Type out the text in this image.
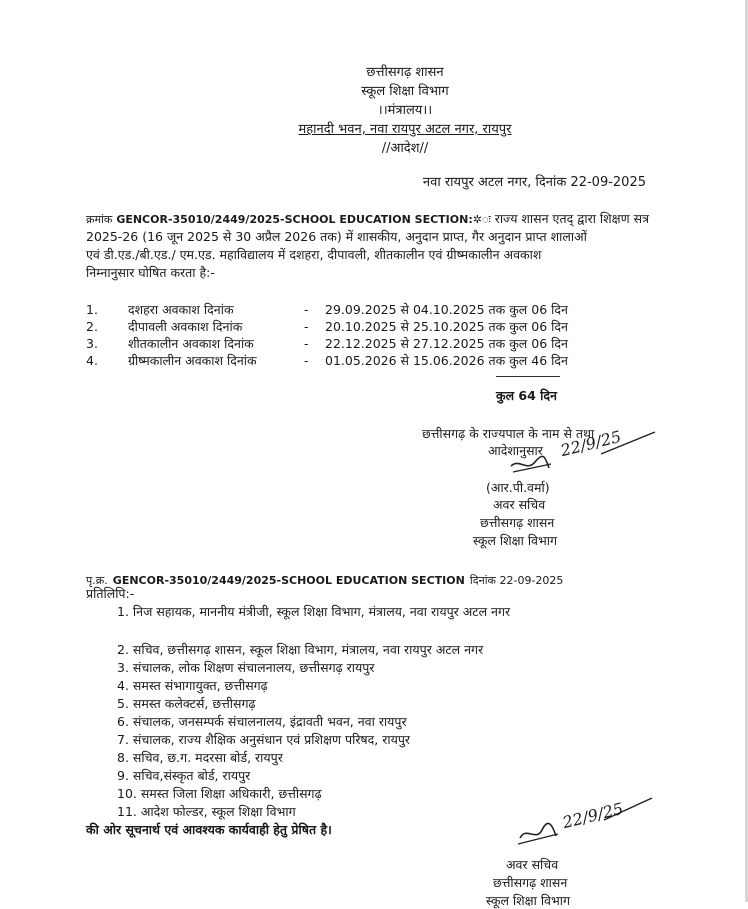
छत्तीसगढ़ शासन
स्कूल शिक्षा विभाग
।।मंत्रालय।।
महानदी भवन, नवा रायपुर अटल नगर, रायपुर
//आदेश//
नवा रायपुर अटल नगर, दिनांक 22-09-2025
क्रमांक GENCOR-35010/2449/2025-SCHOOL EDUCATION SECTION:✲ः राज्य शासन एतद् द्वारा शिक्षण सत्र
2025-26 (16 जून 2025 से 30 अप्रैल 2026 तक) में शासकीय, अनुदान प्राप्त, गैर अनुदान प्राप्त शालाओं
एवं डी.एड./बी.एड./ एम.एड. महाविद्यालय में दशहरा, दीपावली, शीतकालीन एवं ग्रीष्मकालीन अवकाश
निम्नानुसार घोषित करता है:-
1. दशहरा अवकाश दिनांक	- 29.09.2025 से 04.10.2025 तक कुल 06 दिन
2. दीपावली अवकाश दिनांक	- 20.10.2025 से 25.10.2025 तक कुल 06 दिन
3. शीतकालीन अवकाश दिनांक	- 22.12.2025 से 27.12.2025 तक कुल 06 दिन
4. ग्रीष्मकालीन अवकाश दिनांक	- 01.05.2026 से 15.06.2026 तक कुल 46 दिन
कुल 64 दिन
छत्तीसगढ़ के राज्यपाल के नाम से तथा
आदेशानुसार 22/9/25
(आर.पी.वर्मा)
अवर सचिव
छत्तीसगढ़ शासन
स्कूल शिक्षा विभाग
पृ.क्र. GENCOR-35010/2449/2025-SCHOOL EDUCATION SECTION दिनांक 22-09-2025
प्रतिलिपि:-
1. निज सहायक, माननीय मंत्रीजी, स्कूल शिक्षा विभाग, मंत्रालय, नवा रायपुर अटल नगर
2. सचिव, छत्तीसगढ़ शासन, स्कूल शिक्षा विभाग, मंत्रालय, नवा रायपुर अटल नगर
3. संचालक, लोक शिक्षण संचालनालय, छत्तीसगढ़ रायपुर
4. समस्त संभागायुक्त, छत्तीसगढ़
5. समस्त कलेक्टर्स, छत्तीसगढ़
6. संचालक, जनसम्पर्क संचालनालय, इंद्रावती भवन, नवा रायपुर
7. संचालक, राज्य शैक्षिक अनुसंधान एवं प्रशिक्षण परिषद, रायपुर
8. सचिव, छ.ग. मदरसा बोर्ड, रायपुर
9. सचिव,संस्कृत बोर्ड, रायपुर
10. समस्त जिला शिक्षा अधिकारी, छत्तीसगढ़
11. आदेश फोल्डर, स्कूल शिक्षा विभाग
की ओर सूचनार्थ एवं आवश्यक कार्यवाही हेतु प्रेषित है।	22/9/25
अवर सचिव
छत्तीसगढ़ शासन
स्कूल शिक्षा विभाग
